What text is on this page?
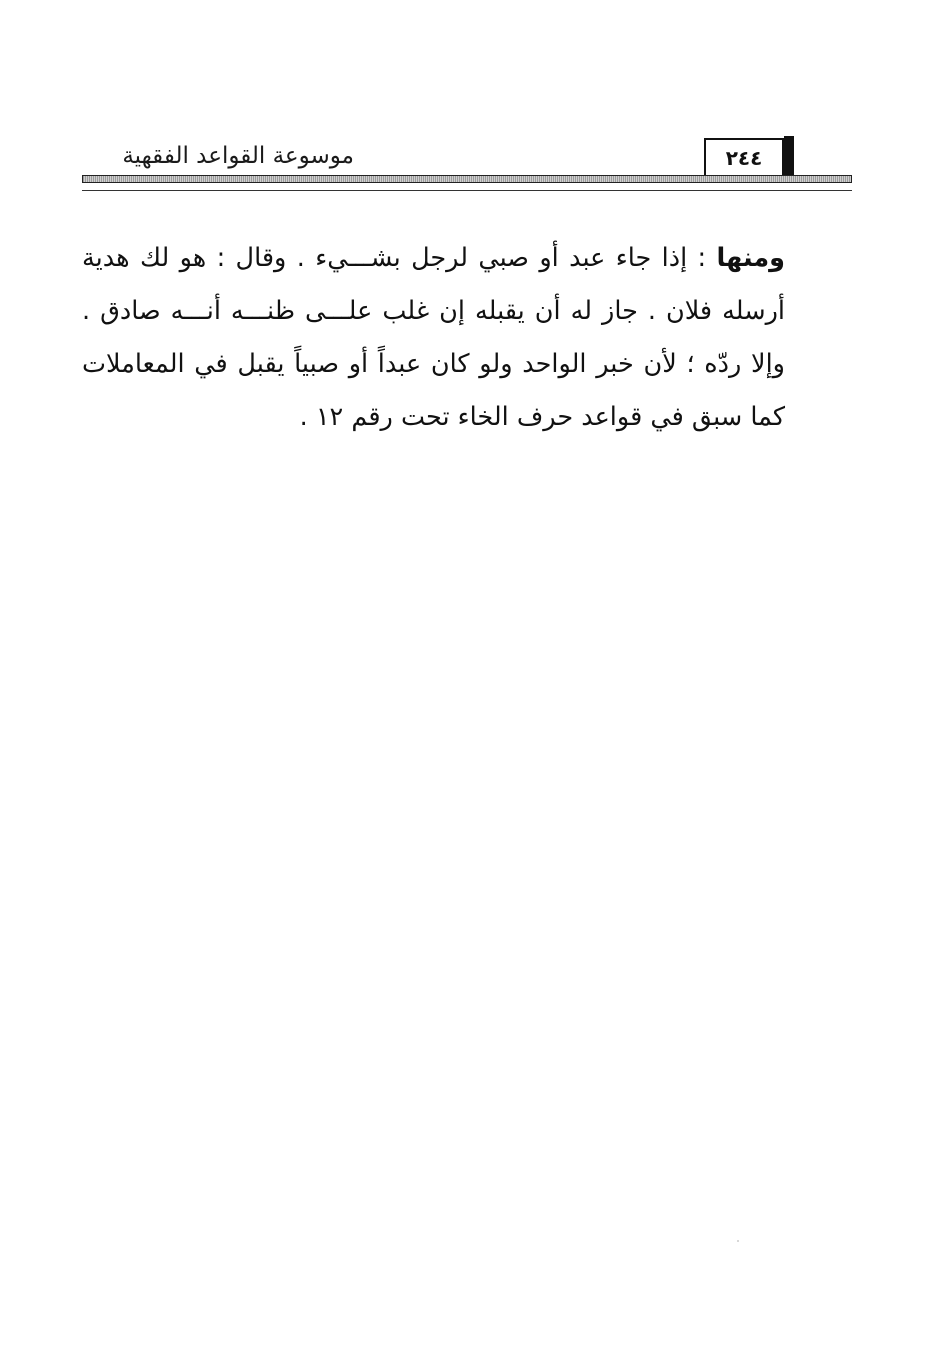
موسوعة القواعد الفقهية	٢٤٤
ومنها : إذا جاء عبد أو صبي لرجل بشـــيء . وقال : هو لك هدية أرسله فلان . جاز له أن يقبله إن غلب علـــى ظنـــه أنـــه صادق . وإلا ردّه ؛ لأن خبر الواحد ولو كان عبداً أو صبياً يقبل في المعاملات كما سبق في قواعد حرف الخاء تحت رقم ١٢ .
